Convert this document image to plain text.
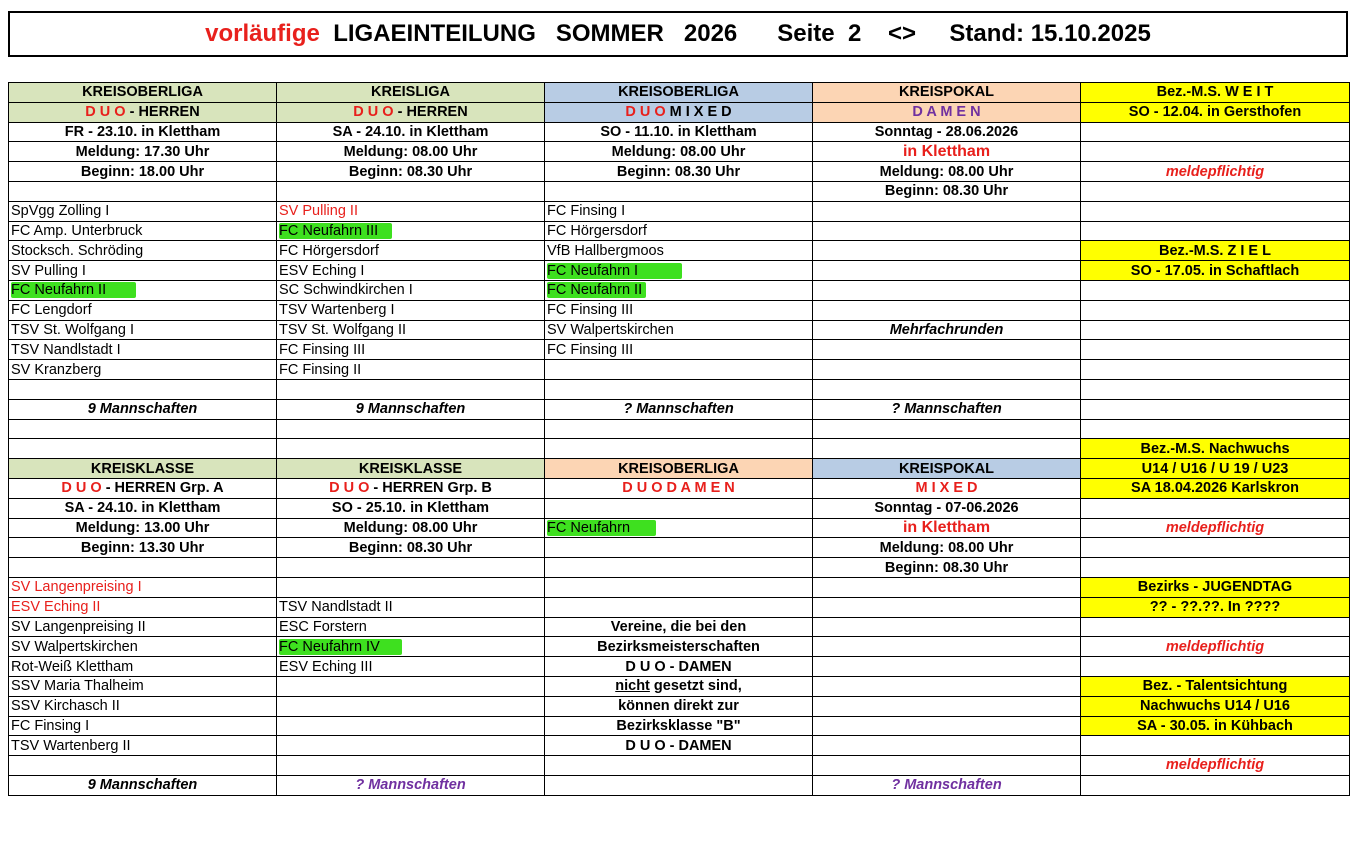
vorläufige LIGAEINTEILUNG   SOMMER   2026 Seite  2 <> Stand: 15.10.2025
KREISOBERLIGA	KREISLIGA	KREISOBERLIGA	KREISPOKAL	Bez.-M.S. W E I T
D U O - HERREN	D U O - HERREN	D U O M I X E D	D A M E N	SO - 12.04. in Gersthofen
FR - 23.10. in Klettham	SA - 24.10. in Klettham	SO - 11.10. in Klettham	Sonntag - 28.06.2026	
Meldung: 17.30 Uhr	Meldung: 08.00 Uhr	Meldung: 08.00 Uhr	in Klettham	
Beginn: 18.00 Uhr	Beginn: 08.30 Uhr	Beginn: 08.30 Uhr	Meldung: 08.00 Uhr	meldepflichtig
			Beginn: 08.30 Uhr	
SpVgg Zolling I	SV Pulling II	FC Finsing I		
FC Amp. Unterbruck	FC Neufahrn III	FC Hörgersdorf		
Stocksch. Schröding	FC Hörgersdorf	VfB Hallbergmoos		Bez.-M.S. Z I E L
SV Pulling I	ESV Eching I	FC Neufahrn I		SO - 17.05. in Schaftlach
FC Neufahrn II	SC Schwindkirchen I	FC Neufahrn II		
FC Lengdorf	TSV Wartenberg I	FC Finsing III		
TSV St. Wolfgang I	TSV St. Wolfgang II	SV Walpertskirchen	Mehrfachrunden	
TSV Nandlstadt I	FC Finsing III	FC Finsing III		
SV Kranzberg	FC Finsing II			

9 Mannschaften	9 Mannschaften	? Mannschaften	? Mannschaften	

				Bez.-M.S. Nachwuchs
KREISKLASSE	KREISKLASSE	KREISOBERLIGA	KREISPOKAL	U14 / U16 / U 19 / U23
D U O - HERREN Grp. A	D U O - HERREN Grp. B	D U O D A M E N	M I X E D	SA 18.04.2026 Karlskron
SA - 24.10. in Klettham	SO - 25.10. in Klettham		Sonntag - 07-06.2026	
Meldung: 13.00 Uhr	Meldung: 08.00 Uhr	FC Neufahrn	in Klettham	meldepflichtig
Beginn: 13.30 Uhr	Beginn: 08.30 Uhr		Meldung: 08.00 Uhr	
			Beginn: 08.30 Uhr	
SV Langenpreising I				Bezirks - JUGENDTAG
ESV Eching II	TSV Nandlstadt II			?? - ??.??. In ????
SV Langenpreising II	ESC Forstern	Vereine, die bei den		
SV Walpertskirchen	FC Neufahrn IV	Bezirksmeisterschaften		meldepflichtig
Rot-Weiß Klettham	ESV Eching III	D U O - DAMEN		
SSV Maria Thalheim		nicht gesetzt sind,		Bez. - Talentsichtung
SSV Kirchasch II		können direkt zur		Nachwuchs U14 / U16
FC Finsing I		Bezirksklasse "B"		SA - 30.05. in Kühbach
TSV Wartenberg II		D U O - DAMEN		
				meldepflichtig
9 Mannschaften	? Mannschaften		? Mannschaften	
